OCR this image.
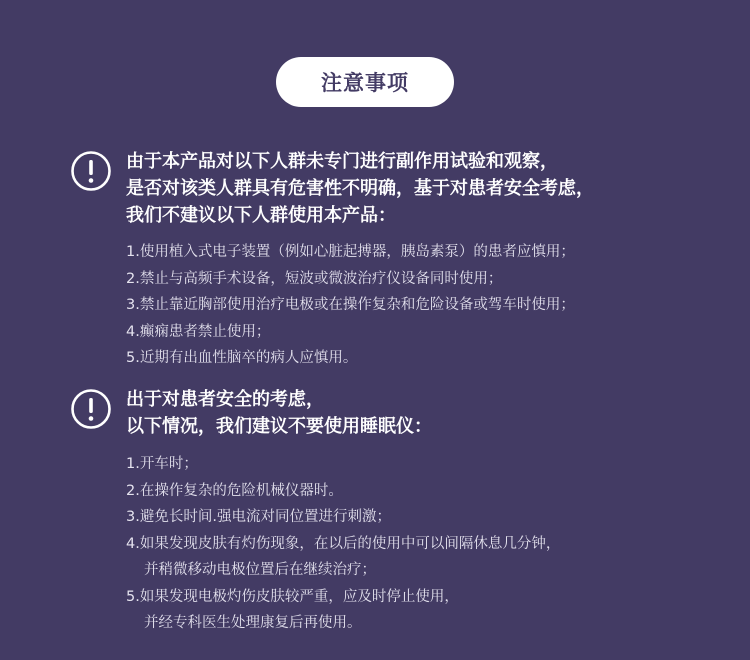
注意事项
由于本产品对以下人群未专门进行副作用试验和观察，
是否对该类人群具有危害性不明确，基于对患者安全考虑，
我们不建议以下人群使用本产品：
1.使用植入式电子装置（例如心脏起搏器，胰岛素泵）的患者应慎用；
2.禁止与高频手术设备，短波或微波治疗仪设备同时使用；
3.禁止靠近胸部使用治疗电极或在操作复杂和危险设备或驾车时使用；
4.癫痫患者禁止使用；
5.近期有出血性脑卒的病人应慎用。
出于对患者安全的考虑，
以下情况，我们建议不要使用睡眠仪：
1.开车时；
2.在操作复杂的危险机械仪器时。
3.避免长时间.强电流对同位置进行刺激；
4.如果发现皮肤有灼伤现象，在以后的使用中可以间隔休息几分钟，
并稍微移动电极位置后在继续治疗；
5.如果发现电极灼伤皮肤较严重，应及时停止使用，
并经专科医生处理康复后再使用。
